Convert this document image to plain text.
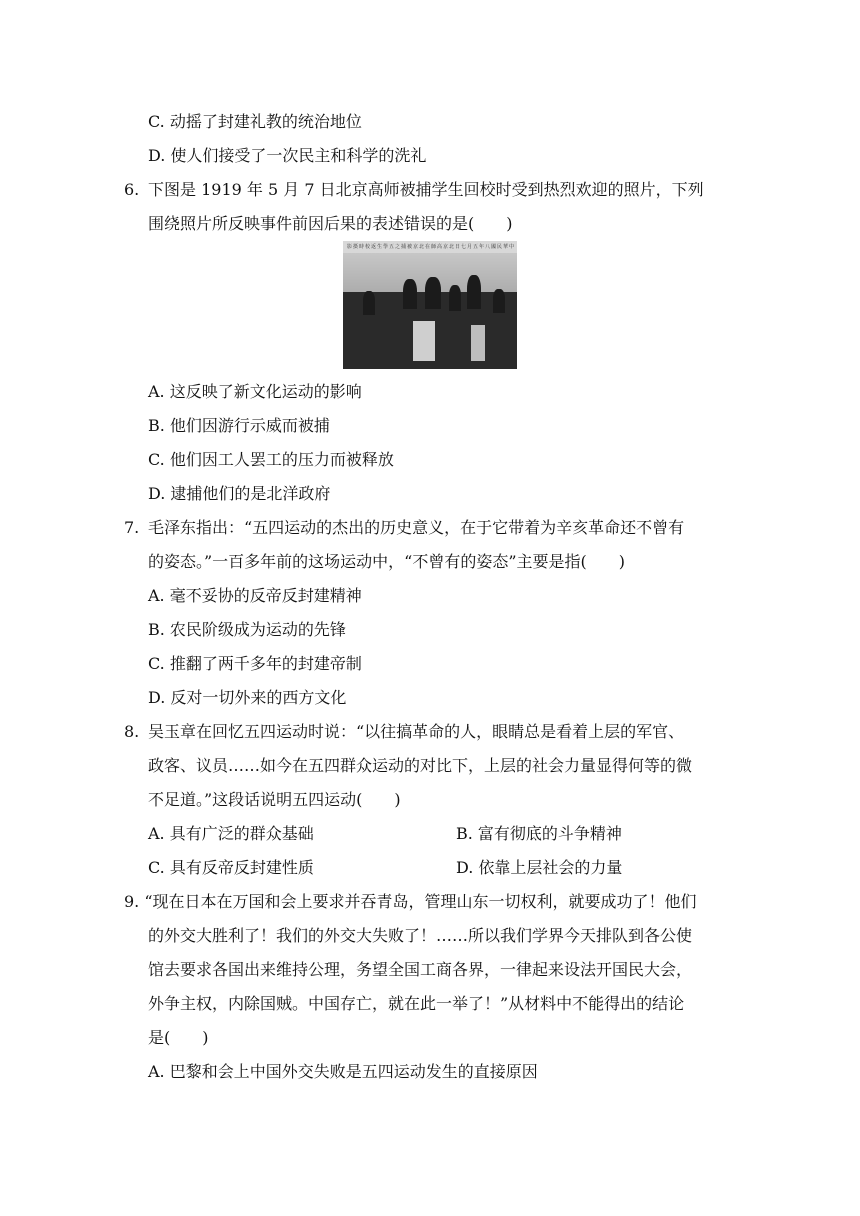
C. 动摇了封建礼教的统治地位
D. 使人们接受了一次民主和科学的洗礼
6. 下图是 1919 年 5 月 7 日北京高师被捕学生回校时受到热烈欢迎的照片，下列
围绕照片所反映事件前因后果的表述错误的是(　　)
影摄時校返生學五之捕被京北在師高京北日七月五年八國民華中
A. 这反映了新文化运动的影响
B. 他们因游行示威而被捕
C. 他们因工人罢工的压力而被释放
D. 逮捕他们的是北洋政府
7. 毛泽东指出：“五四运动的杰出的历史意义，在于它带着为辛亥革命还不曾有
的姿态。”一百多年前的这场运动中，“不曾有的姿态”主要是指(　　)
A. 毫不妥协的反帝反封建精神
B. 农民阶级成为运动的先锋
C. 推翻了两千多年的封建帝制
D. 反对一切外来的西方文化
8. 吴玉章在回忆五四运动时说：“以往搞革命的人，眼睛总是看着上层的军官、
政客、议员……如今在五四群众运动的对比下，上层的社会力量显得何等的微
不足道。”这段话说明五四运动(　　)
A. 具有广泛的群众基础	B. 富有彻底的斗争精神
C. 具有反帝反封建性质	D. 依靠上层社会的力量
9. “现在日本在万国和会上要求并吞青岛，管理山东一切权利，就要成功了！他们
的外交大胜利了！我们的外交大失败了！……所以我们学界今天排队到各公使
馆去要求各国出来维持公理，务望全国工商各界，一律起来设法开国民大会，
外争主权，内除国贼。中国存亡，就在此一举了！”从材料中不能得出的结论
是(　　)
A. 巴黎和会上中国外交失败是五四运动发生的直接原因
